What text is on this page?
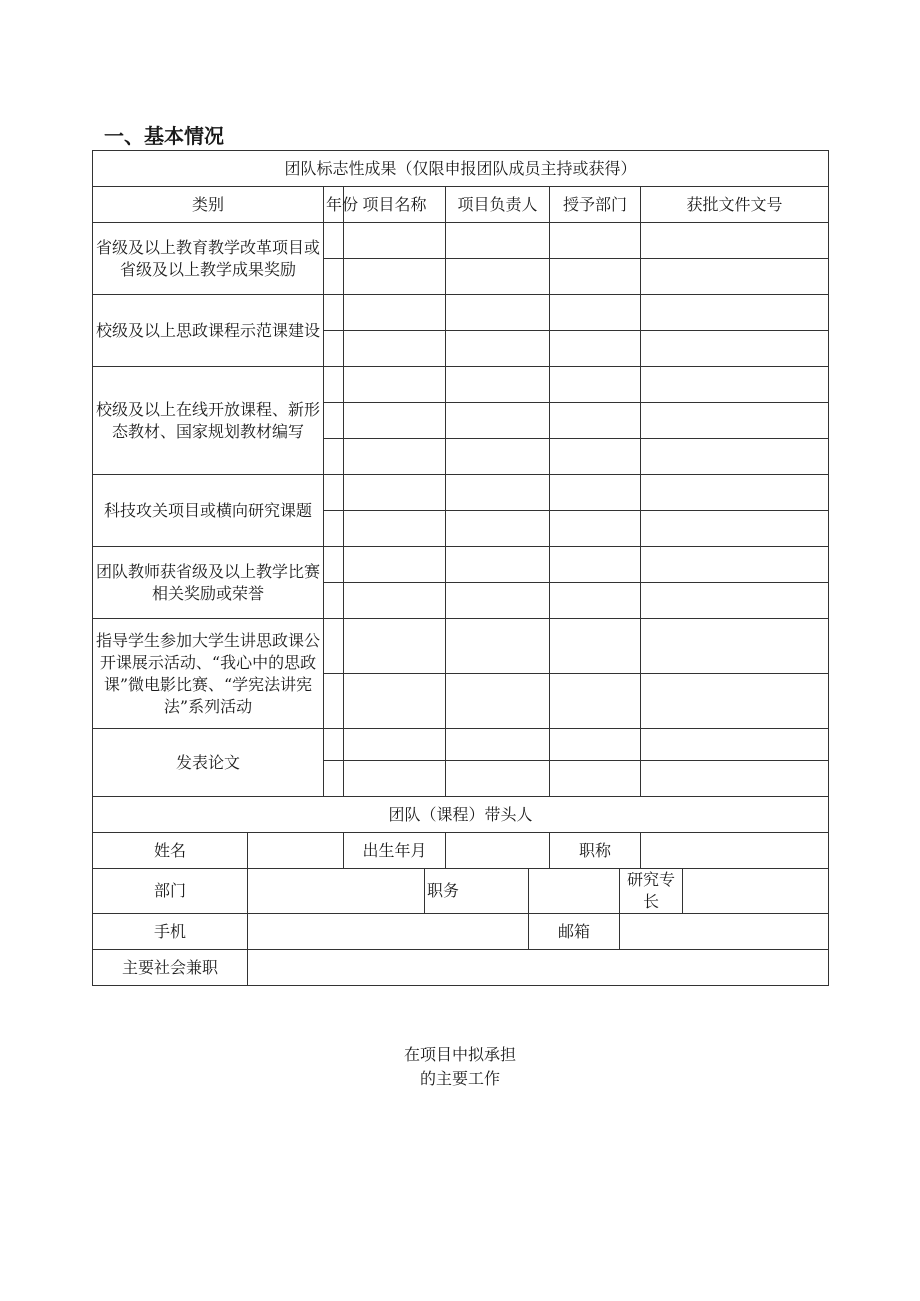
一、基本情况
团队标志性成果（仅限申报团队成员主持或获得）										
类别		年份	项目名称		项目负责人		授予部门		获批文件文号	
省级及以上教育教学改革项目或省级及以上教学成果奖励										

校级及以上思政课程示范课建设										

校级及以上在线开放课程、新形态教材、国家规划教材编写										

科技攻关项目或横向研究课题										

团队教师获省级及以上教学比赛相关奖励或荣誉										

指导学生参加大学生讲思政课公开课展示活动、“我心中的思政课”微电影比赛、“学宪法讲宪法”系列活动										

发表论文										

团队（课程）带头人										
姓名			出生年月				职称			
部门				职务				研究专长		
手机						邮箱				
主要社会兼职										
在项目中拟承担
的主要工作
